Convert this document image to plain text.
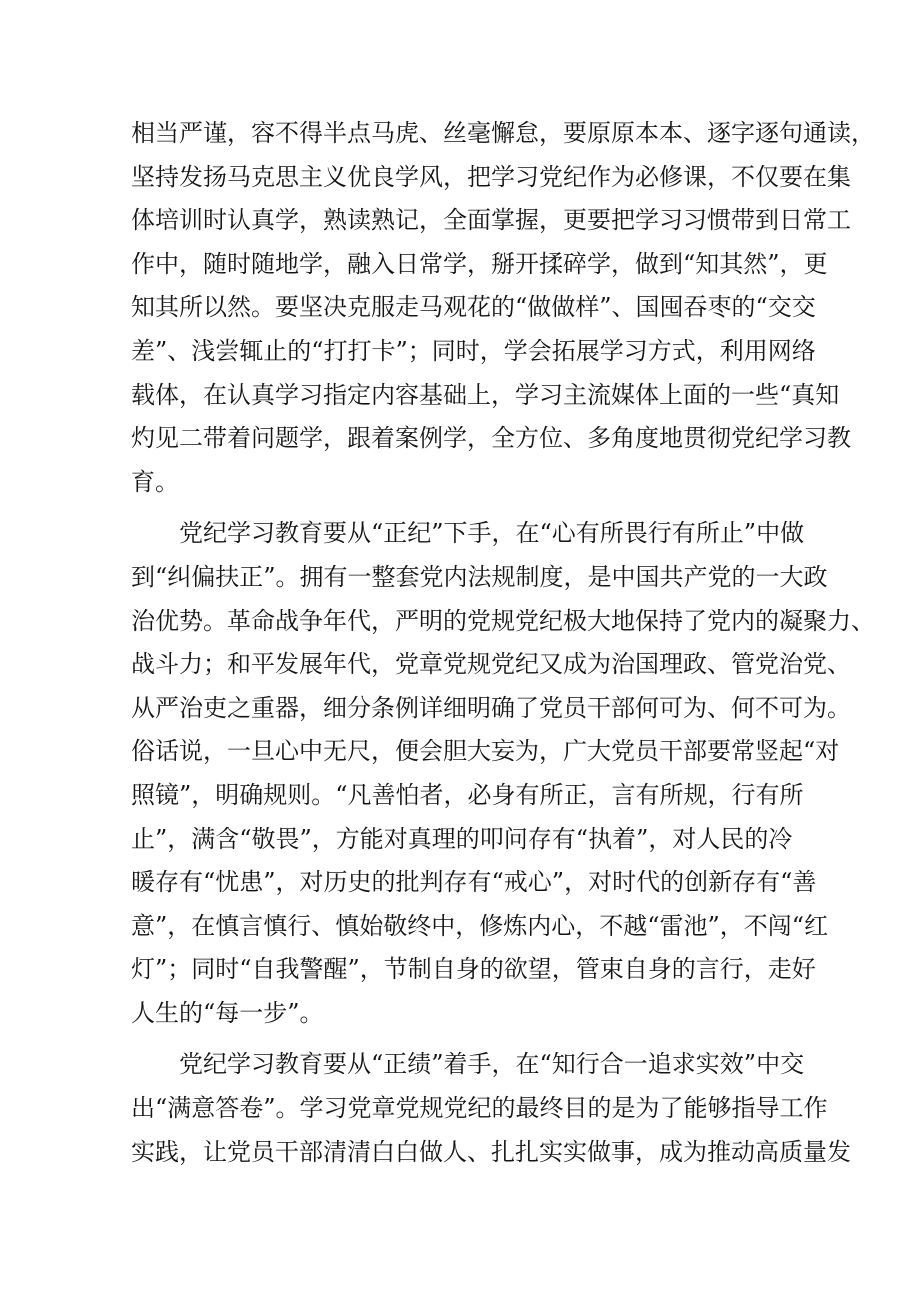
相当严谨，容不得半点马虎、丝毫懈怠，要原原本本、逐字逐句通读，
坚持发扬马克思主义优良学风，把学习党纪作为必修课，不仅要在集
体培训时认真学，熟读熟记，全面掌握，更要把学习习惯带到日常工
作中，随时随地学，融入日常学，掰开揉碎学，做到“知其然”，更
知其所以然。要坚决克服走马观花的“做做样”、国囤吞枣的“交交
差”、浅尝辄止的“打打卡”；同时，学会拓展学习方式，利用网络
载体，在认真学习指定内容基础上，学习主流媒体上面的一些“真知
灼见二带着问题学，跟着案例学，全方位、多角度地贯彻党纪学习教
育。
党纪学习教育要从“正纪”下手，在“心有所畏行有所止”中做
到“纠偏扶正”。拥有一整套党内法规制度，是中国共产党的一大政
治优势。革命战争年代，严明的党规党纪极大地保持了党内的凝聚力、
战斗力；和平发展年代，党章党规党纪又成为治国理政、管党治党、
从严治吏之重器，细分条例详细明确了党员干部何可为、何不可为。
俗话说，一旦心中无尺，便会胆大妄为，广大党员干部要常竖起“对
照镜”，明确规则。“凡善怕者，必身有所正，言有所规，行有所
止”，满含“敬畏”，方能对真理的叩问存有“执着”，对人民的冷
暖存有“忧患”，对历史的批判存有“戒心”，对时代的创新存有“善
意”，在慎言慎行、慎始敬终中，修炼内心，不越“雷池”，不闯“红
灯”；同时“自我警醒”，节制自身的欲望，管束自身的言行，走好
人生的“每一步”。
党纪学习教育要从“正绩”着手，在“知行合一追求实效”中交
出“满意答卷”。学习党章党规党纪的最终目的是为了能够指导工作
实践，让党员干部清清白白做人、扎扎实实做事，成为推动高质量发
